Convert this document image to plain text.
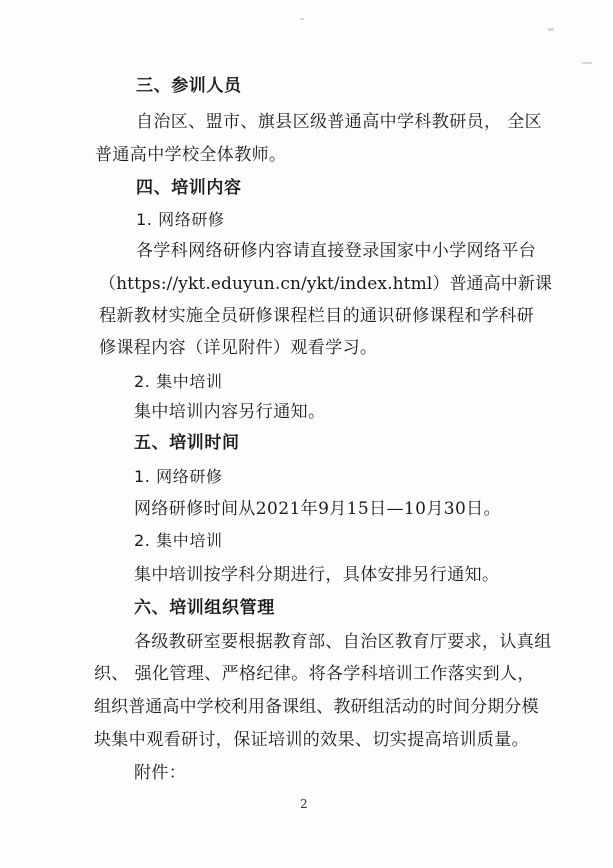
三、参训人员
自治区、盟市、旗县区级普通高中学科教研员， 全区
普通高中学校全体教师。
四、培训内容
1. 网络研修
各学科网络研修内容请直接登录国家中小学网络平台
（https://ykt.eduyun.cn/ykt/index.html）普通高中新课
程新教材实施全员研修课程栏目的通识研修课程和学科研
修课程内容（详见附件）观看学习。
2. 集中培训
集中培训内容另行通知。
五、培训时间
1. 网络研修
网络研修时间从2021年9月15日—10月30日。
2. 集中培训
集中培训按学科分期进行，具体安排另行通知。
六、培训组织管理
各级教研室要根据教育部、自治区教育厅要求，认真组
织、 强化管理、严格纪律。将各学科培训工作落实到人，
组织普通高中学校利用备课组、教研组活动的时间分期分模
块集中观看研讨，保证培训的效果、切实提高培训质量。
附件：
2
